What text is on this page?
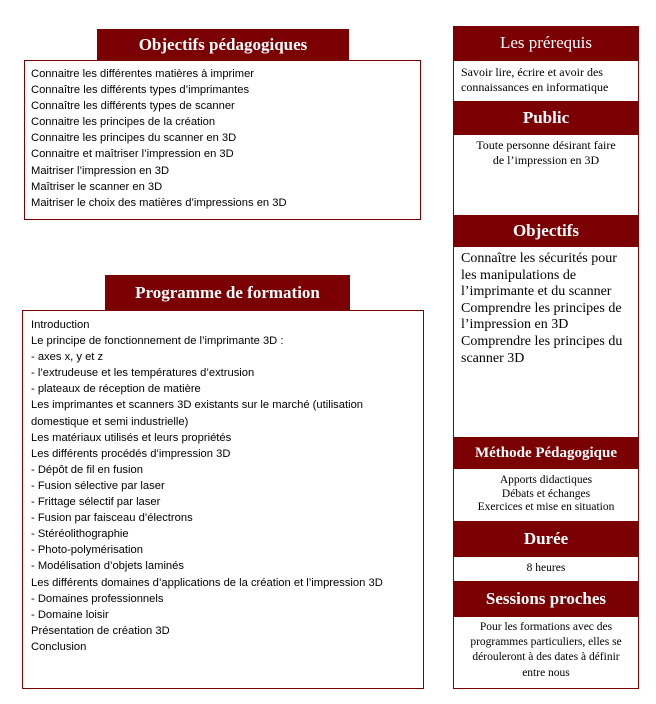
Connaitre les différentes matières à imprimer
Connaître les différents types d’imprimantes
Connaître les différents types de scanner
Connaitre les principes de la création
Connaitre les principes du scanner en 3D
Connaitre et maîtriser l’impression en 3D
Maitriser l’impression en 3D
Maîtriser le scanner en 3D
Maitriser le choix des matières d’impressions en 3D
Objectifs pédagogiques
Introduction
Le principe de fonctionnement de l’imprimante 3D :
- axes x, y et z
- l’extrudeuse et les températures d’extrusion
- plateaux de réception de matière
Les imprimantes et scanners 3D existants sur le marché (utilisation
domestique et semi industrielle)
Les matériaux utilisés et leurs propriétés
Les différents procédés d’impression 3D
- Dépôt de fil en fusion
- Fusion sélective par laser
- Frittage sélectif par laser
- Fusion par faisceau d’électrons
- Stéréolithographie
- Photo-polymérisation
- Modélisation d’objets laminés
Les différents domaines d’applications de la création et l’impression 3D
- Domaines professionnels
- Domaine loisir
Présentation de création 3D
Conclusion
Programme de formation
Les prérequis
Savoir lire, écrire et avoir des
connaissances en informatique
Public
Toute personne désirant faire
de l’impression en 3D
Objectifs
Connaître les sécurités pour
les manipulations de
l’imprimante et du scanner
Comprendre les principes de
l’impression en 3D
Comprendre les principes du
scanner 3D
Méthode Pédagogique
Apports didactiques
Débats et échanges
Exercices et mise en situation
Durée
8 heures
Sessions proches
Pour les formations avec des
programmes particuliers, elles se
dérouleront à des dates à définir
entre nous
